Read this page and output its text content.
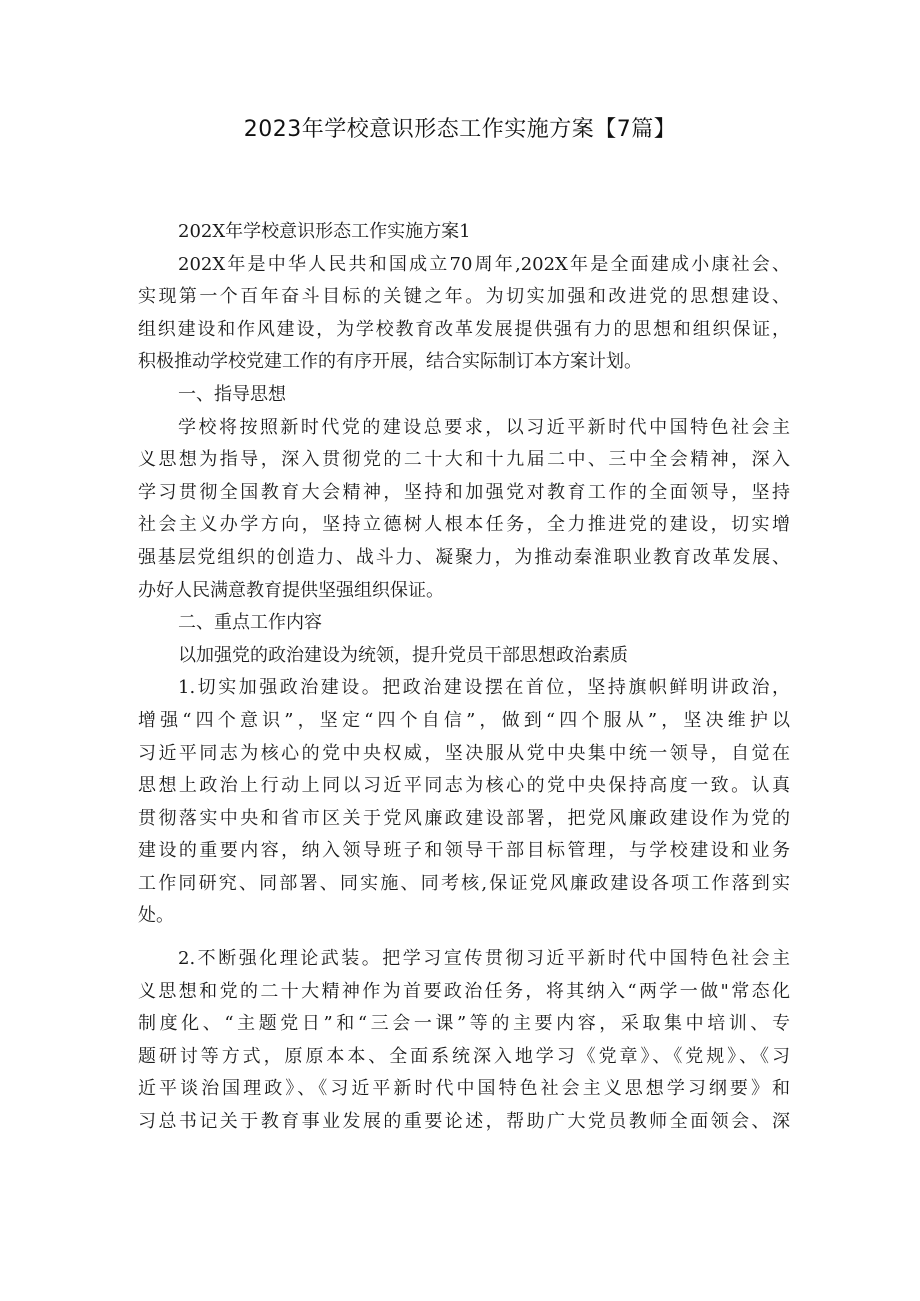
2023年学校意识形态工作实施方案【7篇】
202X年学校意识形态工作实施方案1
202X年是中华人民共和国成立70周年,202X年是全面建成小康社会、
实现第一个百年奋斗目标的关键之年。为切实加强和改进党的思想建设、
组织建设和作风建设，为学校教育改革发展提供强有力的思想和组织保证，
积极推动学校党建工作的有序开展，结合实际制订本方案计划。
一、指导思想
学校将按照新时代党的建设总要求，以习近平新时代中国特色社会主
义思想为指导，深入贯彻党的二十大和十九届二中、三中全会精神，深入
学习贯彻全国教育大会精神，坚持和加强党对教育工作的全面领导，坚持
社会主义办学方向，坚持立德树人根本任务，全力推进党的建设，切实增
强基层党组织的创造力、战斗力、凝聚力，为推动秦淮职业教育改革发展、
办好人民满意教育提供坚强组织保证。
二、重点工作内容
以加强党的政治建设为统领，提升党员干部思想政治素质
1.切实加强政治建设。把政治建设摆在首位，坚持旗帜鲜明讲政治，
增强“四个意识”，坚定“四个自信”，做到“四个服从”，坚决维护以
习近平同志为核心的党中央权威，坚决服从党中央集中统一领导，自觉在
思想上政治上行动上同以习近平同志为核心的党中央保持高度一致。认真
贯彻落实中央和省市区关于党风廉政建设部署，把党风廉政建设作为党的
建设的重要内容，纳入领导班子和领导干部目标管理，与学校建设和业务
工作同研究、同部署、同实施、同考核,保证党风廉政建设各项工作落到实
处。
2.不断强化理论武装。把学习宣传贯彻习近平新时代中国特色社会主
义思想和党的二十大精神作为首要政治任务，将其纳入“两学一做"常态化
制度化、“主题党日”和“三会一课”等的主要内容，采取集中培训、专
题研讨等方式，原原本本、全面系统深入地学习《党章》、《党规》、《习
近平谈治国理政》、《习近平新时代中国特色社会主义思想学习纲要》和
习总书记关于教育事业发展的重要论述，帮助广大党员教师全面领会、深
